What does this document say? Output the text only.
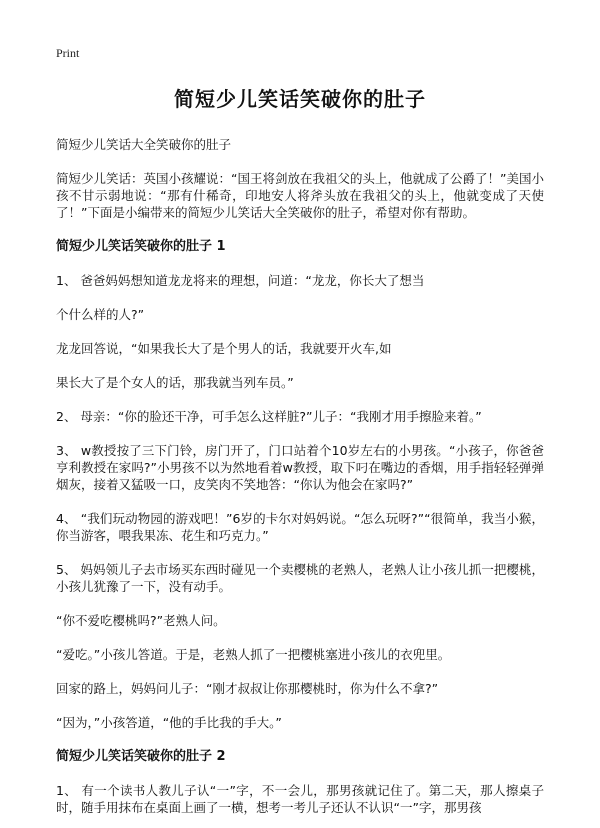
Print
简短少儿笑话笑破你的肚子

简短少儿笑话大全笑破你的肚子

简短少儿笑话：英国小孩耀说：“国王将剑放在我祖父的头上，他就成了公爵了！”美国小孩不甘示弱地说：“那有什稀奇，印地安人将斧头放在我祖父的头上，他就变成了天使了！”下面是小编带来的简短少儿笑话大全笑破你的肚子，希望对你有帮助。

简短少儿笑话笑破你的肚子 1

1、 爸爸妈妈想知道龙龙将来的理想，问道：“龙龙，你长大了想当

个什么样的人?”

龙龙回答说，“如果我长大了是个男人的话，我就要开火车,如

果长大了是个女人的话，那我就当列车员。”

2、 母亲：“你的脸还干净，可手怎么这样脏?”儿子：“我刚才用手擦脸来着。”

3、 w教授按了三下门铃，房门开了，门口站着个10岁左右的小男孩。“小孩子，你爸爸亨利教授在家吗?”小男孩不以为然地看着w教授，取下叼在嘴边的香烟，用手指轻轻弹弹烟灰，接着又猛吸一口，皮笑肉不笑地答：“你认为他会在家吗?”

4、 “我们玩动物园的游戏吧！”6岁的卡尔对妈妈说。“怎么玩呀?”“很简单，我当小猴，你当游客，喂我果冻、花生和巧克力。”

5、 妈妈领儿子去市场买东西时碰见一个卖樱桃的老熟人，老熟人让小孩儿抓一把樱桃，小孩儿犹豫了一下，没有动手。

“你不爱吃樱桃吗?”老熟人问。

“爱吃。”小孩儿答道。于是，老熟人抓了一把樱桃塞进小孩儿的衣兜里。

回家的路上，妈妈问儿子：“刚才叔叔让你那樱桃时，你为什么不拿?”

“因为，”小孩答道，“他的手比我的手大。”

简短少儿笑话笑破你的肚子 2

1、 有一个读书人教儿子认“一”字，不一会儿，那男孩就记住了。第二天，那人擦桌子时，随手用抹布在桌面上画了一横，想考一考儿子还认不认识“一”字，那男孩
